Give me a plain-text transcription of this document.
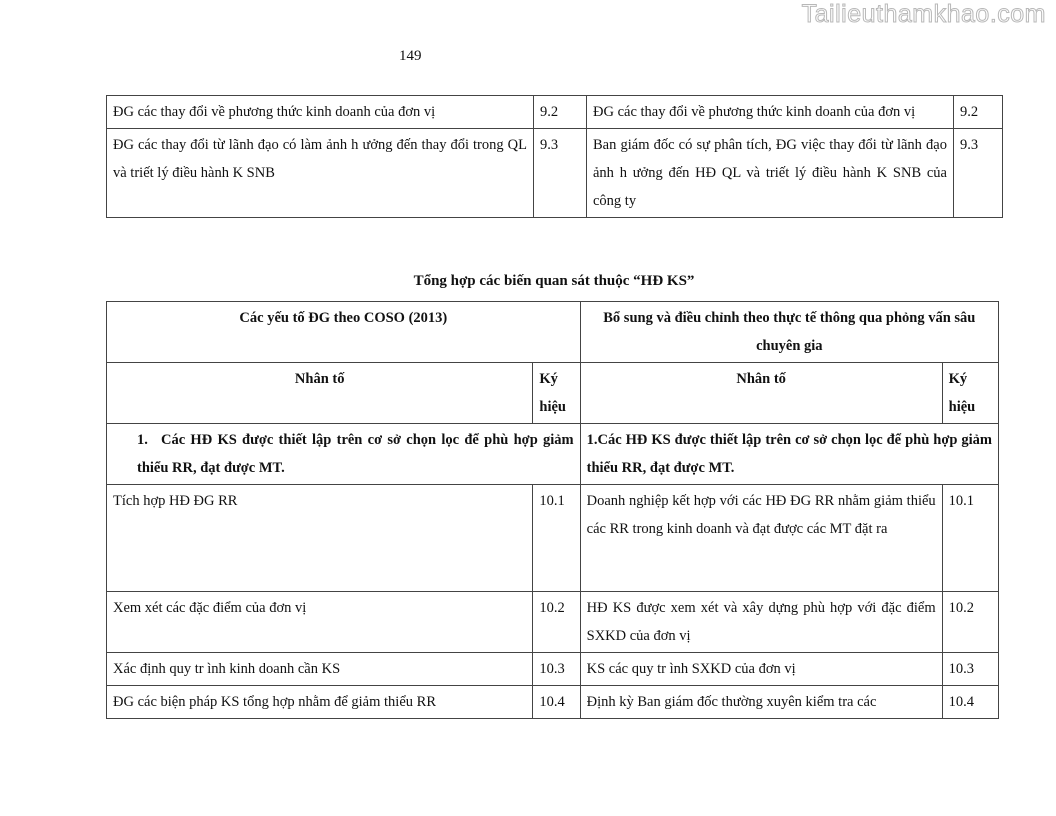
Tailieuthamkhao.com
149
ĐG các thay đổi về phương thức kinh doanh của đơn vị	9.2	ĐG các thay đổi về phương thức kinh doanh của đơn vị	9.2
ĐG các thay đổi từ lãnh đạo có làm ảnh h ưởng đến thay đổi trong QL và triết lý điều hành K SNB	9.3	Ban giám đốc có sự phân tích, ĐG việc thay đổi từ lãnh đạo ảnh h ưởng đến HĐ QL và triết lý điều hành K SNB của công ty	9.3
Tổng hợp các biến quan sát thuộc “HĐ KS”
Các yếu tố ĐG theo COSO (2013)		Bổ sung và điều chỉnh theo thực tế thông qua phỏng vấn sâu chuyên gia	
Nhân tố	Ký hiệu	Nhân tố	Ký hiệu
1. Các HĐ KS được thiết lập trên cơ sở chọn lọc để phù hợp giảm thiểu RR, đạt được MT.		1.Các HĐ KS được thiết lập trên cơ sở chọn lọc để phù hợp giảm thiểu RR, đạt được MT.	
Tích hợp HĐ ĐG RR	10.1	Doanh nghiệp kết hợp với các HĐ ĐG RR nhằm giảm thiểu các RR trong kinh doanh và đạt được các MT đặt ra	10.1
Xem xét các đặc điểm của đơn vị	10.2	HĐ KS được xem xét và xây dựng phù hợp với đặc điểm SXKD của đơn vị	10.2
Xác định quy tr ình kinh doanh cần KS	10.3	KS các quy tr ình SXKD của đơn vị	10.3
ĐG các biện pháp KS tổng hợp nhằm để giảm thiểu RR	10.4	Định kỳ Ban giám đốc thường xuyên kiểm tra các	10.4
